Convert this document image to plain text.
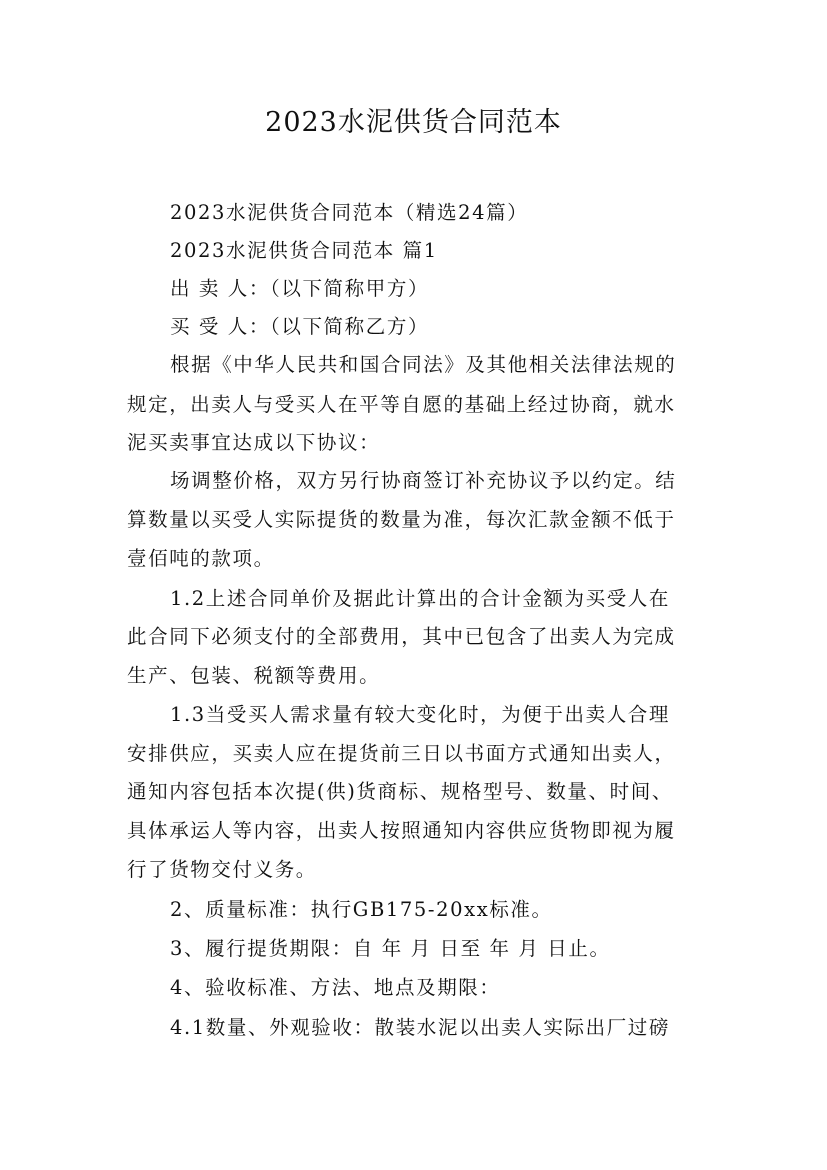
2023水泥供货合同范本

2023水泥供货合同范本（精选24篇）

2023水泥供货合同范本 篇1

出 卖 人：（以下简称甲方）

买 受 人：（以下简称乙方）

根据《中华人民共和国合同法》及其他相关法律法规的

规定，出卖人与受买人在平等自愿的基础上经过协商，就水

泥买卖事宜达成以下协议：

场调整价格，双方另行协商签订补充协议予以约定。结

算数量以买受人实际提货的数量为准，每次汇款金额不低于

壹佰吨的款项。

1.2上述合同单价及据此计算出的合计金额为买受人在

此合同下必须支付的全部费用，其中已包含了出卖人为完成

生产、包装、税额等费用。

1.3当受买人需求量有较大变化时，为便于出卖人合理

安排供应，买卖人应在提货前三日以书面方式通知出卖人，

通知内容包括本次提(供)货商标、规格型号、数量、时间、

具体承运人等内容，出卖人按照通知内容供应货物即视为履

行了货物交付义务。

2、质量标准：执行GB175-20xx标准。

3、履行提货期限：自 年 月 日至 年 月 日止。

4、验收标准、方法、地点及期限：

4.1数量、外观验收：散装水泥以出卖人实际出厂过磅
